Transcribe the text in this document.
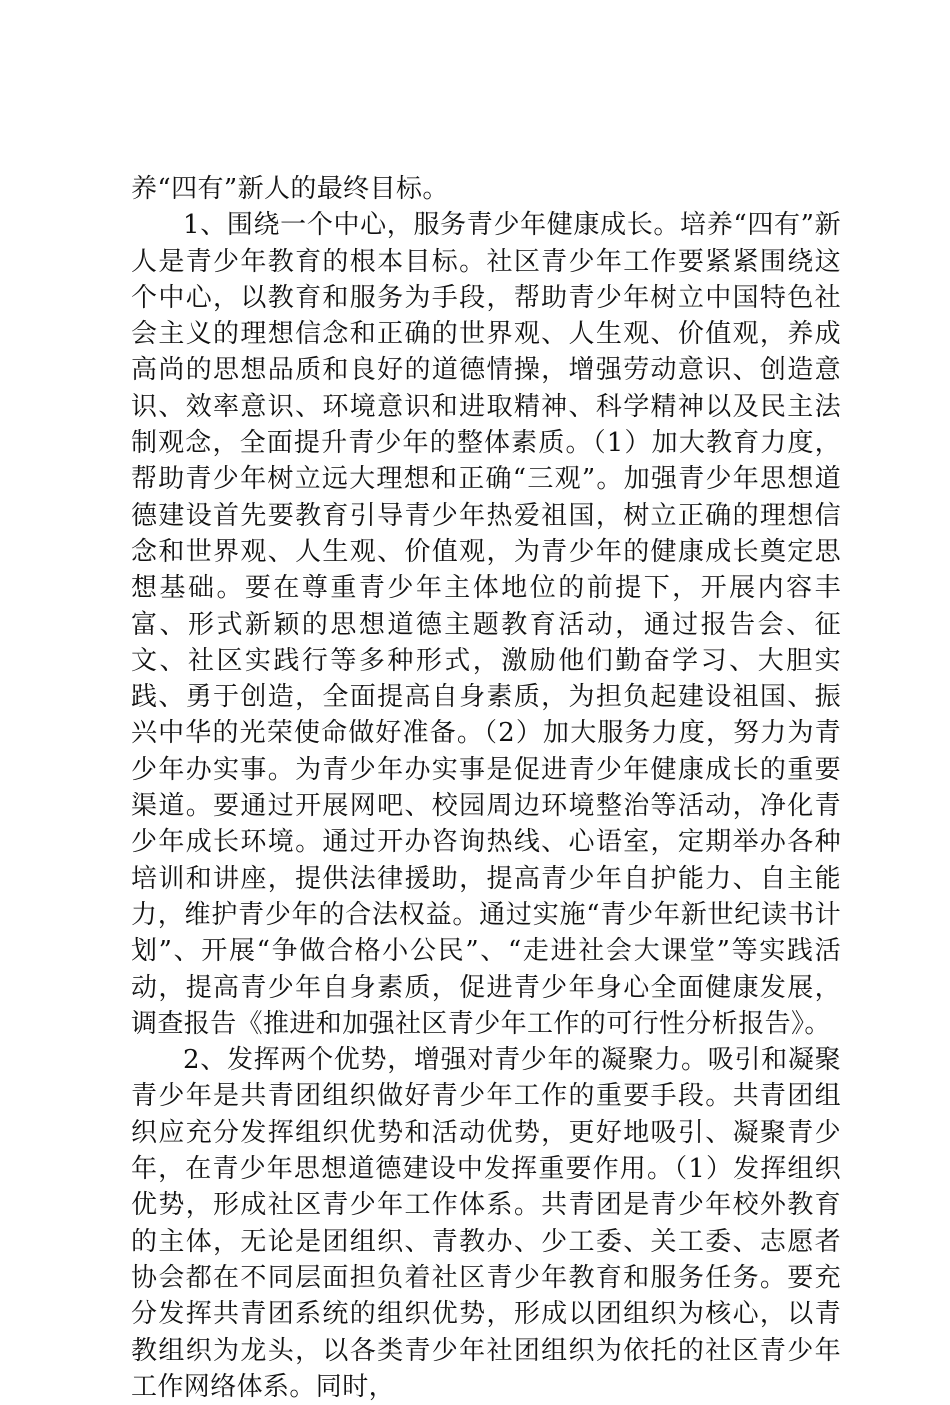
养“四有”新人的最终目标。

1、围绕一个中心，服务青少年健康成长。培养“四有”新人是青少年教育的根本目标。社区青少年工作要紧紧围绕这个中心，以教育和服务为手段，帮助青少年树立中国特色社会主义的理想信念和正确的世界观、人生观、价值观，养成高尚的思想品质和良好的道德情操，增强劳动意识、创造意识、效率意识、环境意识和进取精神、科学精神以及民主法制观念，全面提升青少年的整体素质。（1）加大教育力度，帮助青少年树立远大理想和正确“三观”。加强青少年思想道德建设首先要教育引导青少年热爱祖国，树立正确的理想信念和世界观、人生观、价值观，为青少年的健康成长奠定思想基础。要在尊重青少年主体地位的前提下，开展内容丰富、形式新颖的思想道德主题教育活动，通过报告会、征文、社区实践行等多种形式，激励他们勤奋学习、大胆实践、勇于创造，全面提高自身素质，为担负起建设祖国、振兴中华的光荣使命做好准备。（2）加大服务力度，努力为青少年办实事。为青少年办实事是促进青少年健康成长的重要渠道。要通过开展网吧、校园周边环境整治等活动，净化青少年成长环境。通过开办咨询热线、心语室，定期举办各种培训和讲座，提供法律援助，提高青少年自护能力、自主能力，维护青少年的合法权益。通过实施“青少年新世纪读书计划”、开展“争做合格小公民”、“走进社会大课堂”等实践活动，提高青少年自身素质，促进青少年身心全面健康发展，调查报告《推进和加强社区青少年工作的可行性分析报告》。

2、发挥两个优势，增强对青少年的凝聚力。吸引和凝聚青少年是共青团组织做好青少年工作的重要手段。共青团组织应充分发挥组织优势和活动优势，更好地吸引、凝聚青少年，在青少年思想道德建设中发挥重要作用。（1）发挥组织优势，形成社区青少年工作体系。共青团是青少年校外教育的主体，无论是团组织、青教办、少工委、关工委、志愿者协会都在不同层面担负着社区青少年教育和服务任务。要充分发挥共青团系统的组织优势，形成以团组织为核心，以青教组织为龙头，以各类青少年社团组织为依托的社区青少年工作网络体系。同时，
